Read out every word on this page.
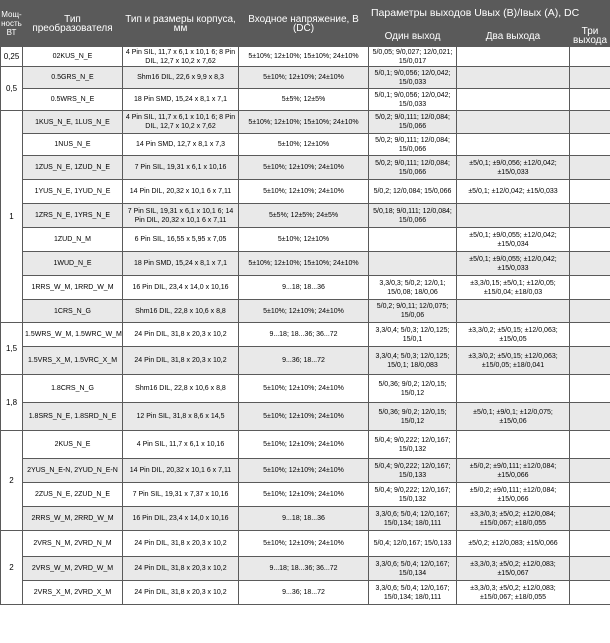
Мощ-ность ВТ	Тип преобразователя	Тип и размеры корпуса, мм	Входное напряжение, В (DC)	Параметры выходов Uвых (В)/Iвых (A), DC		
				Один выход	Два выхода	Три выхода
0,25	02KUS_N_E	4 Pin SIL, 11,7 x 6,1 x 10,1 6; 8 Pin DIL, 12,7 x 10,2 x 7,62	5±10%; 12±10%; 15±10%; 24±10%	5/0,05; 9/0,027; 12/0,021; 15/0,017		
0,5	0.5GRS_N_E	Shm16 DIL, 22,6 x 9,9 x 8,3	5±10%; 12±10%; 24±10%	5/0,1; 9/0,056; 12/0,042; 15/0,033		
	0.5WRS_N_E	18 Pin SMD, 15,24 x 8,1 x 7,1	5±5%; 12±5%	5/0,1; 9/0,056; 12/0,042; 15/0,033		
1	1KUS_N_E, 1LUS_N_E	4 Pin SIL, 11,7 x 6,1 x 10,1 6; 8 Pin DIL, 12,7 x 10,2 x 7,62	5±10%; 12±10%; 15±10%; 24±10%	5/0,2; 9/0,111; 12/0,084; 15/0,066		
	1NUS_N_E	14 Pin SMD, 12,7 x 8,1 x 7,3	5±10%; 12±10%	5/0,2; 9/0,111; 12/0,084; 15/0,066		
	1ZUS_N_E, 1ZUD_N_E	7 Pin SIL, 19,31 x 6,1 x 10,16	5±10%; 12±10%; 24±10%	5/0,2; 9/0,111; 12/0,084; 15/0,066	±5/0,1; ±9/0,056; ±12/0,042; ±15/0,033	
	1YUS_N_E, 1YUD_N_E	14 Pin DIL, 20,32 x 10,1 6 x 7,11	5±10%; 12±10%; 24±10%	5/0,2; 12/0,084; 15/0,066	±5/0,1; ±12/0,042; ±15/0,033	
	1ZRS_N_E, 1YRS_N_E	7 Pin SIL, 19,31 x 6,1 x 10,1 6; 14 Pin DIL, 20,32 x 10,1 6 x 7,11	5±5%; 12±5%; 24±5%	5/0,18; 9/0,111; 12/0,084; 15/0,066		
	1ZUD_N_M	6 Pin SIL, 16,55 x 5,95 x 7,05	5±10%; 12±10%		±5/0,1; ±9/0,055; ±12/0,042; ±15/0,034	
	1WUD_N_E	18 Pin SMD, 15,24 x 8,1 x 7,1	5±10%; 12±10%; 15±10%; 24±10%		±5/0,1; ±9/0,055; ±12/0,042; ±15/0,033	
	1RRS_W_M, 1RRD_W_M	16 Pin DIL, 23,4 x 14,0 x 10,16	9...18; 18...36	3,3/0,3; 5/0,2; 12/0,1; 15/0,08; 18/0,06	±3,3/0,15; ±5/0,1; ±12/0,05; ±15/0,04; ±18/0,03	
	1CRS_N_G	Shm16 DIL, 22,8 x 10,6 x 8,8	5±10%; 12±10%; 24±10%	5/0,2; 9/0,11; 12/0,075; 15/0,06		
1,5	1.5WRS_W_M, 1.5WRC_W_M	24 Pin DIL, 31,8 x 20,3 x 10,2	9...18; 18...36; 36...72	3,3/0,4; 5/0,3; 12/0,125; 15/0,1	±3,3/0,2; ±5/0,15; ±12/0,063; ±15/0,05	
	1.5VRS_X_M, 1.5VRC_X_M	24 Pin DIL, 31,8 x 20,3 x 10,2	9...36; 18...72	3,3/0,4; 5/0,3; 12/0,125; 15/0,1; 18/0,083	±3,3/0,2; ±5/0,15; ±12/0,063; ±15/0,05; ±18/0,041	
1,8	1.8CRS_N_G	Shm16 DIL, 22,8 x 10,6 x 8,8	5±10%; 12±10%; 24±10%	5/0,36; 9/0,2; 12/0,15; 15/0,12		
	1.8SRS_N_E, 1.8SRD_N_E	12 Pin SIL, 31,8 x 8,6 x 14,5	5±10%; 12±10%; 24±10%	5/0,36; 9/0,2; 12/0,15; 15/0,12	±5/0,1; ±9/0,1; ±12/0,075; ±15/0,06	
2	2KUS_N_E	4 Pin SIL, 11,7 x 6,1 x 10,16	5±10%; 12±10%; 24±10%	5/0,4; 9/0,222; 12/0,167; 15/0,132		
	2YUS_N_E-N, 2YUD_N_E-N	14 Pin DIL, 20,32 x 10,1 6 x 7,11	5±10%; 12±10%; 24±10%	5/0,4; 9/0,222; 12/0,167; 15/0,133	±5/0,2; ±9/0,111; ±12/0,084; ±15/0,066	
	2ZUS_N_E, 2ZUD_N_E	7 Pin SIL, 19,31 x 7,37 x 10,16	5±10%; 12±10%; 24±10%	5/0,4; 9/0,222; 12/0,167; 15/0,132	±5/0,2; ±9/0,111; ±12/0,084; ±15/0,066	
	2RRS_W_M, 2RRD_W_M	16 Pin DIL, 23,4 x 14,0 x 10,16	9...18; 18...36	3,3/0,6; 5/0,4; 12/0,167; 15/0,134; 18/0,111	±3,3/0,3; ±5/0,2; ±12/0,084; ±15/0,067; ±18/0,055	
2	2VRS_N_M, 2VRD_N_M	24 Pin DIL, 31,8 x 20,3 x 10,2	5±10%; 12±10%; 24±10%	5/0,4; 12/0,167; 15/0,133	±5/0,2; ±12/0,083; ±15/0,066	
	2VRS_W_M, 2VRD_W_M	24 Pin DIL, 31,8 x 20,3 x 10,2	9...18; 18...36; 36...72	3,3/0,6; 5/0,4; 12/0,167; 15/0,134	±3,3/0,3; ±5/0,2; ±12/0,083; ±15/0,067	
	2VRS_X_M, 2VRD_X_M	24 Pin DIL, 31,8 x 20,3 x 10,2	9...36; 18...72	3,3/0,6; 5/0,4; 12/0,167; 15/0,134; 18/0,111	±3,3/0,3; ±5/0,2; ±12/0,083; ±15/0,067; ±18/0,055	
